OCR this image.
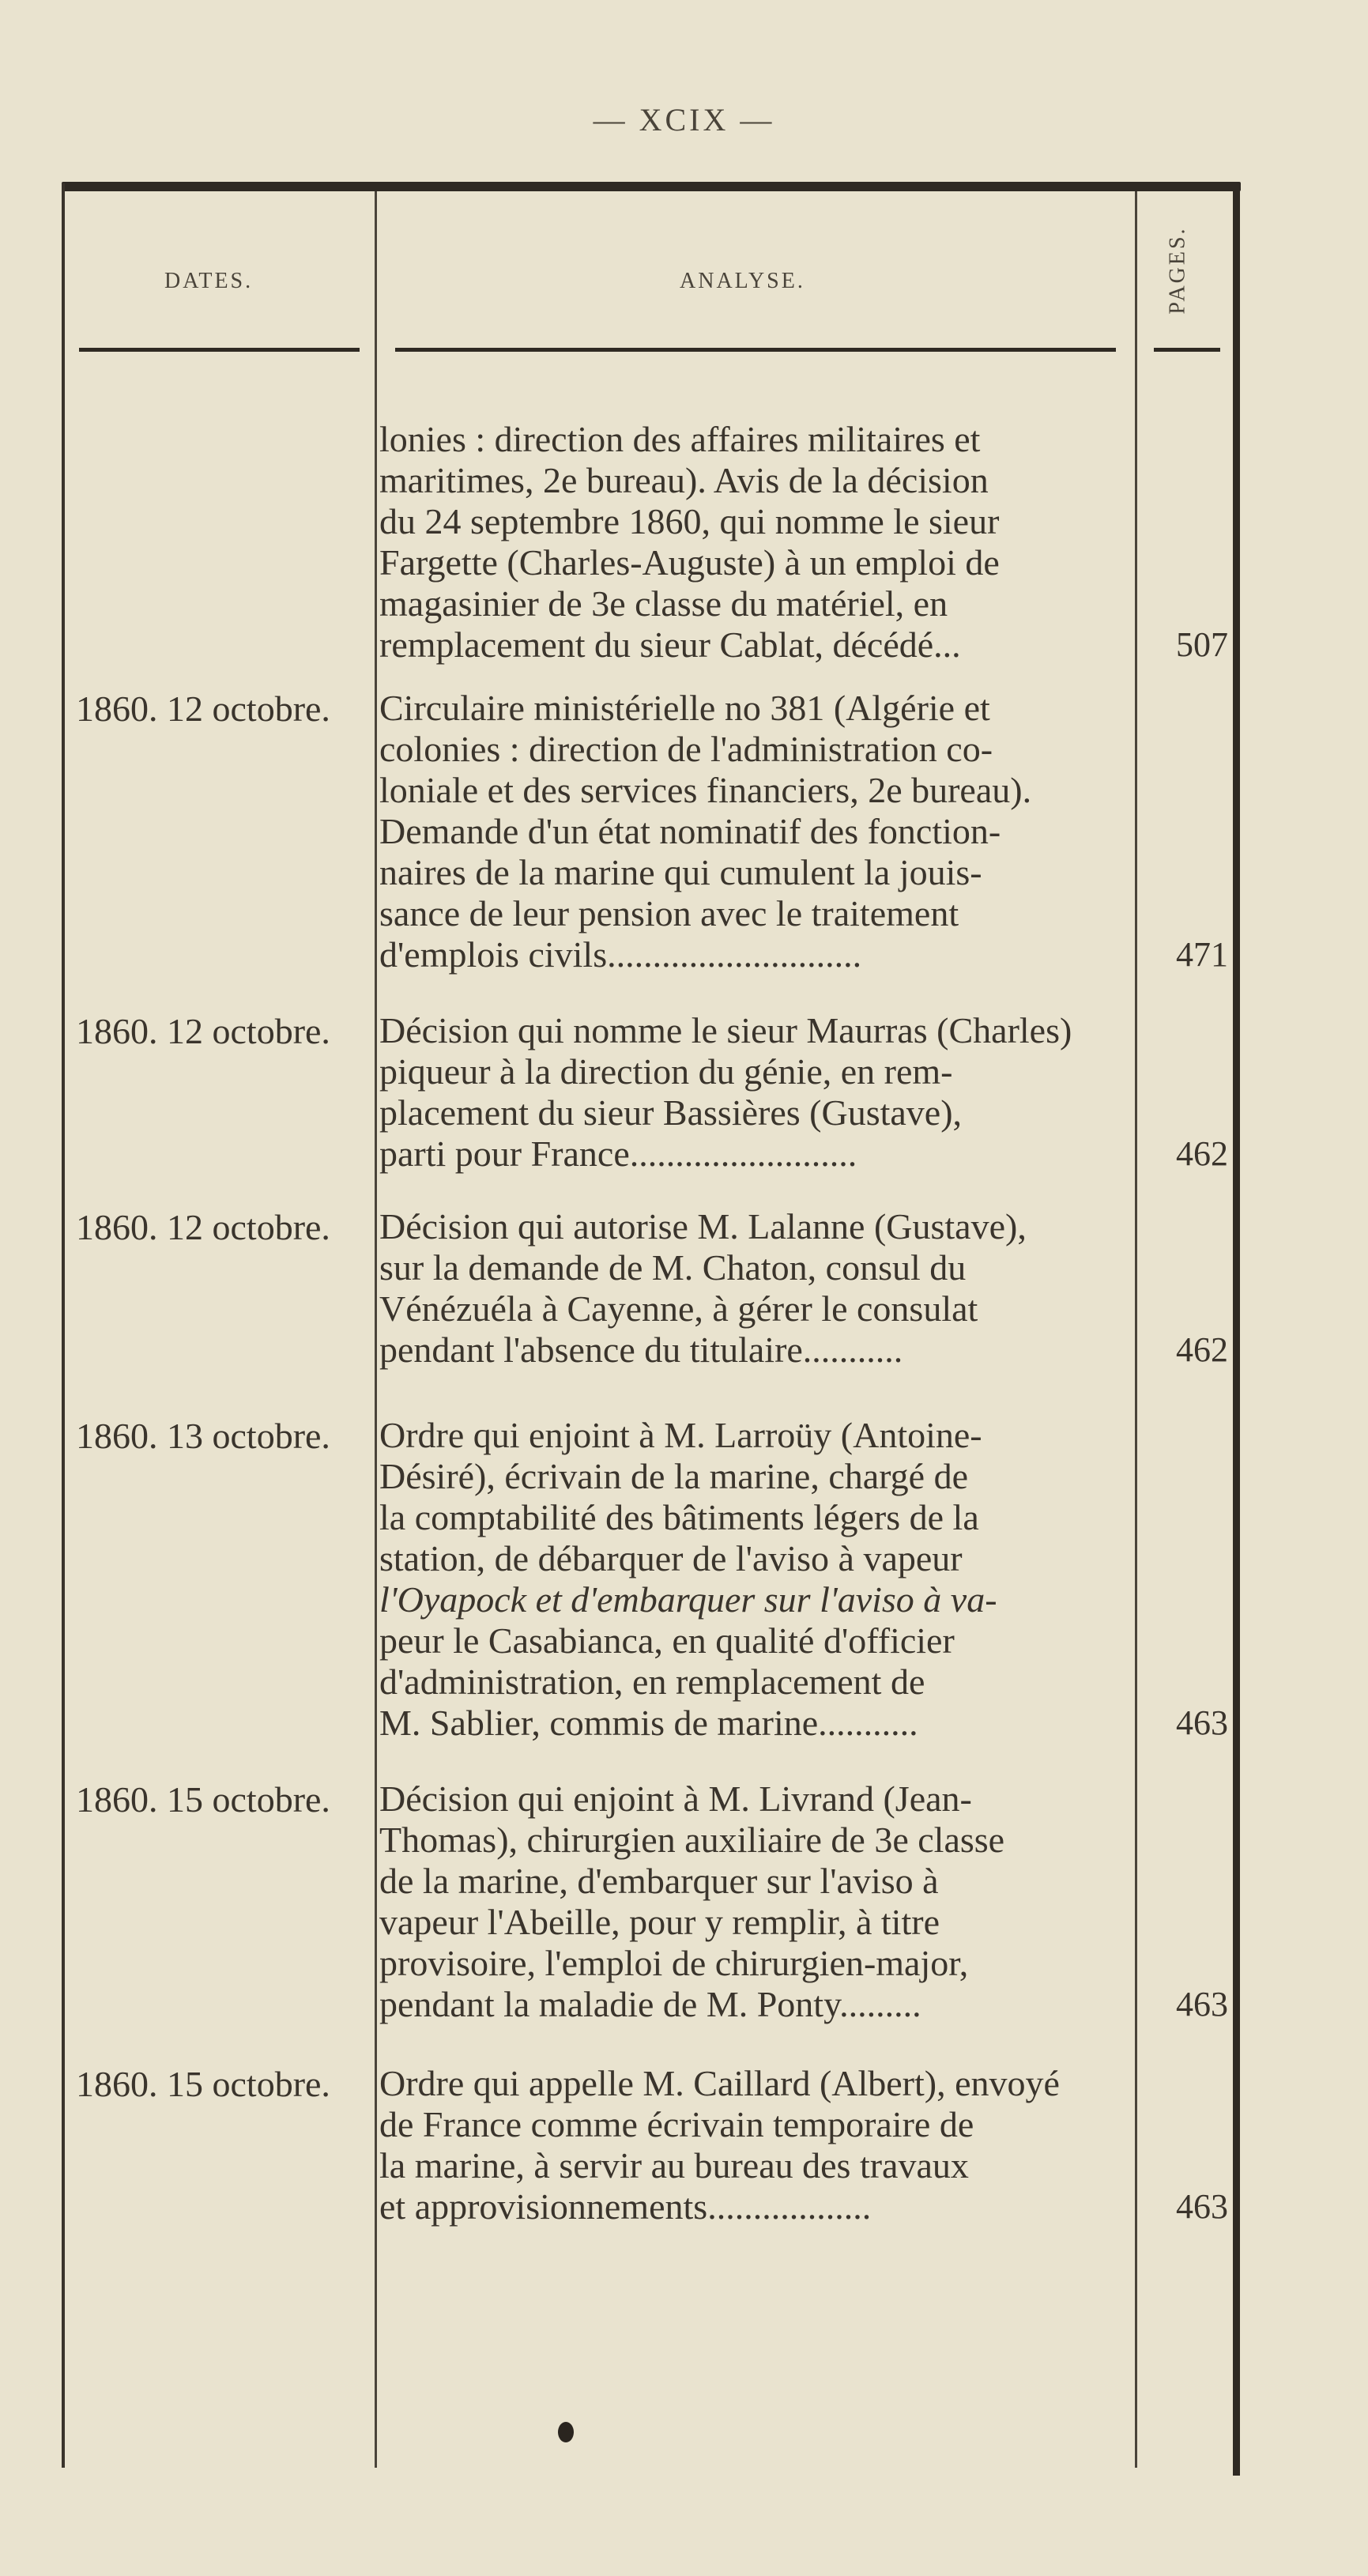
— XCIX —
DATES.	ANALYSE.	PAGES.
lonies : direction des affaires militaires et
maritimes, 2e bureau). Avis de la décision
du 24 septembre 1860, qui nomme le sieur
Fargette (Charles-Auguste) à un emploi de
magasinier de 3e classe du matériel, en
remplacement du sieur Cablat, décédé...	507
1860. 12 octobre. Circulaire ministérielle no 381 (Algérie et
colonies : direction de l'administration co-
loniale et des services financiers, 2e bureau).
Demande d'un état nominatif des fonction-
naires de la marine qui cumulent la jouis-
sance de leur pension avec le traitement
d'emplois civils............................	471
1860. 12 octobre. Décision qui nomme le sieur Maurras (Charles)
piqueur à la direction du génie, en rem-
placement du sieur Bassières (Gustave),
parti pour France.........................	462
1860. 12 octobre. Décision qui autorise M. Lalanne (Gustave),
sur la demande de M. Chaton, consul du
Vénézuéla à Cayenne, à gérer le consulat
pendant l'absence du titulaire...........	462
1860. 13 octobre. Ordre qui enjoint à M. Larroüy (Antoine-
Désiré), écrivain de la marine, chargé de
la comptabilité des bâtiments légers de la
station, de débarquer de l'aviso à vapeur
l'Oyapock et d'embarquer sur l'aviso à va-
peur le Casabianca, en qualité d'officier
d'administration, en remplacement de
M. Sablier, commis de marine...........	463
1860. 15 octobre. Décision qui enjoint à M. Livrand (Jean-
Thomas), chirurgien auxiliaire de 3e classe
de la marine, d'embarquer sur l'aviso à
vapeur l'Abeille, pour y remplir, à titre
provisoire, l'emploi de chirurgien-major,
pendant la maladie de M. Ponty.........	463
1860. 15 octobre. Ordre qui appelle M. Caillard (Albert), envoyé
de France comme écrivain temporaire de
la marine, à servir au bureau des travaux
et approvisionnements..................	463
